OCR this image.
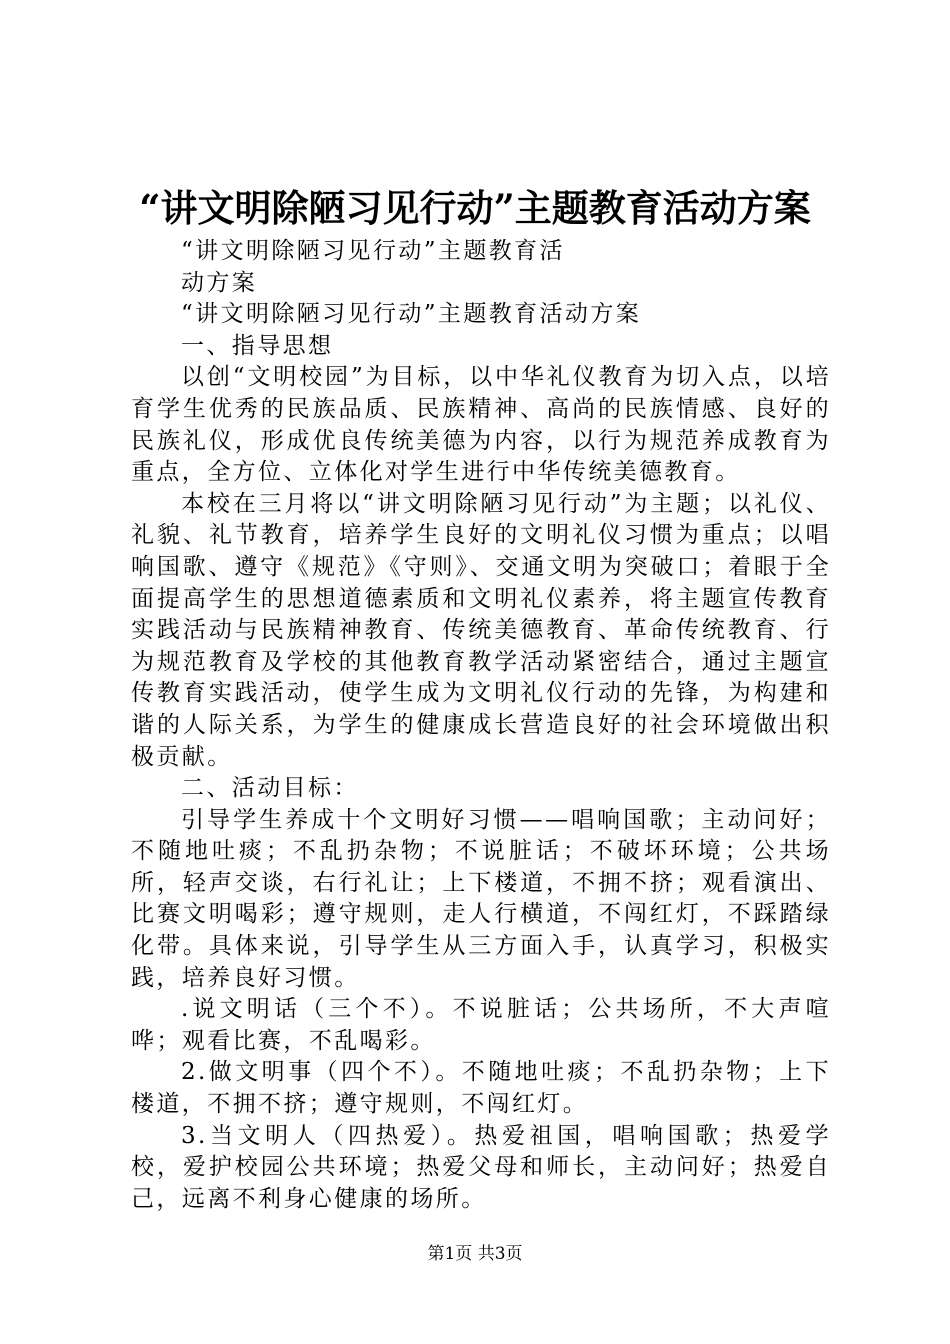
“讲文明除陋习见行动”主题教育活动方案

“讲文明除陋习见行动”主题教育活

动方案

“讲文明除陋习见行动”主题教育活动方案

一、指导思想

以创“文明校园”为目标，以中华礼仪教育为切入点，以培育学生优秀的民族品质、民族精神、高尚的民族情感、良好的民族礼仪，形成优良传统美德为内容，以行为规范养成教育为重点，全方位、立体化对学生进行中华传统美德教育。

本校在三月将以“讲文明除陋习见行动”为主题；以礼仪、礼貌、礼节教育，培养学生良好的文明礼仪习惯为重点；以唱响国歌、遵守《规范》《守则》、交通文明为突破口；着眼于全面提高学生的思想道德素质和文明礼仪素养，将主题宣传教育实践活动与民族精神教育、传统美德教育、革命传统教育、行为规范教育及学校的其他教育教学活动紧密结合，通过主题宣传教育实践活动，使学生成为文明礼仪行动的先锋，为构建和谐的人际关系，为学生的健康成长营造良好的社会环境做出积极贡献。

二、活动目标：

引导学生养成十个文明好习惯——唱响国歌；主动问好；不随地吐痰；不乱扔杂物；不说脏话；不破坏环境；公共场所，轻声交谈，右行礼让；上下楼道，不拥不挤；观看演出、比赛文明喝彩；遵守规则，走人行横道，不闯红灯，不踩踏绿化带。具体来说，引导学生从三方面入手，认真学习，积极实践，培养良好习惯。

.说文明话（三个不）。不说脏话；公共场所，不大声喧哗；观看比赛，不乱喝彩。

2.做文明事（四个不）。不随地吐痰；不乱扔杂物；上下楼道，不拥不挤；遵守规则，不闯红灯。

3.当文明人（四热爱）。热爱祖国，唱响国歌；热爱学校，爱护校园公共环境；热爱父母和师长，主动问好；热爱自己，远离不利身心健康的场所。

第1页 共3页
